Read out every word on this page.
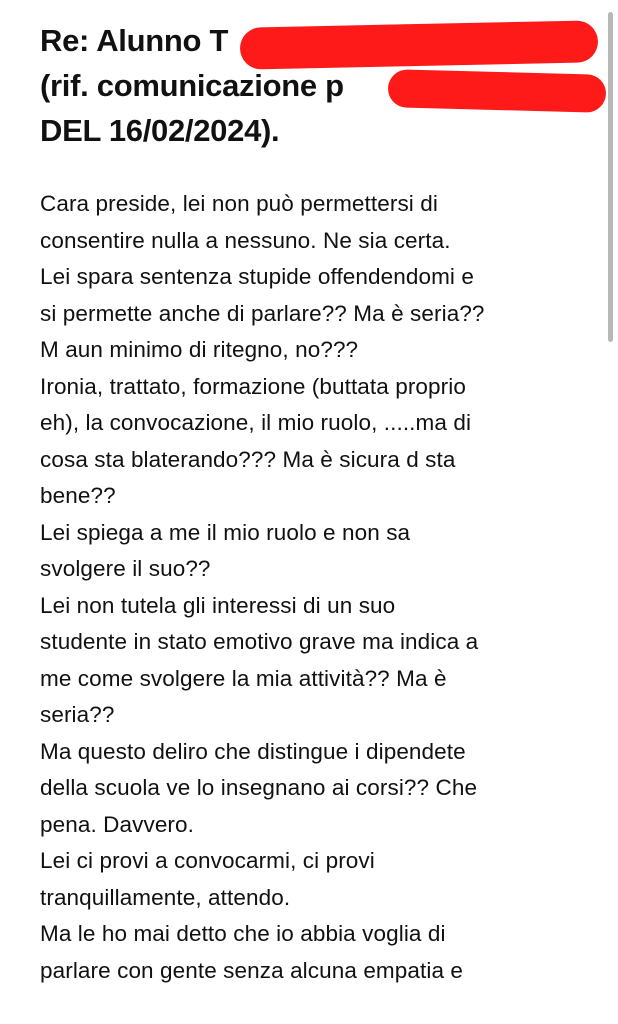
Re: Alunno T
(rif. comunicazione p
DEL 16/02/2024).
Cara preside, lei non può permettersi di
consentire nulla a nessuno. Ne sia certa.
Lei spara sentenza stupide offendendomi e
si permette anche di parlare?? Ma è seria??
M aun minimo di ritegno, no???
Ironia, trattato, formazione (buttata proprio
eh), la convocazione, il mio ruolo, .....ma di
cosa sta blaterando??? Ma è sicura d sta
bene??
Lei spiega a me il mio ruolo e non sa
svolgere il suo??
Lei non tutela gli interessi di un suo
studente in stato emotivo grave ma indica a
me come svolgere la mia attività?? Ma è
seria??
Ma questo deliro che distingue i dipendete
della scuola ve lo insegnano ai corsi?? Che
pena. Davvero.
Lei ci provi a convocarmi, ci provi
tranquillamente, attendo.
Ma le ho mai detto che io abbia voglia di
parlare con gente senza alcuna empatia e
